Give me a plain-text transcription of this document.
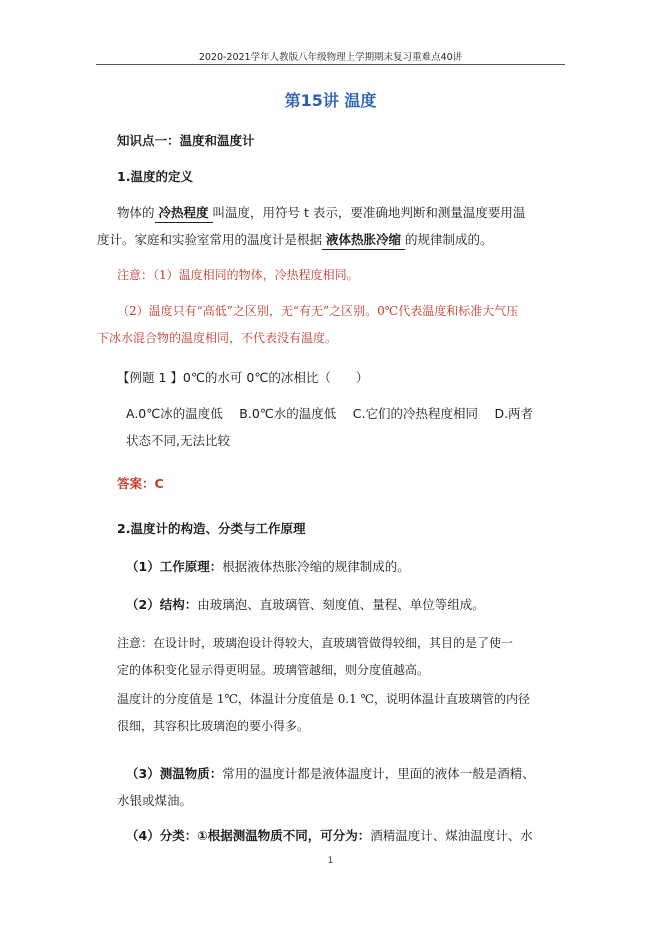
2020-2021学年人教版八年级物理上学期期末复习重难点40讲
第15讲 温度
知识点一：温度和温度计
1.温度的定义
物体的 冷热程度 叫温度，用符号 t 表示，要准确地判断和测量温度要用温
度计。家庭和实验室常用的温度计是根据 液体热胀冷缩 的规律制成的。
注意：（1）温度相同的物体，冷热程度相同。
（2）温度只有“高低”之区别，无“有无”之区别。0℃代表温度和标准大气压
下冰水混合物的温度相同，不代表没有温度。
【例题 1 】0℃的水可 0℃的冰相比（　　）
A.0℃冰的温度低　 B.0℃水的温度低　 C.它们的冷热程度相同　 D.两者
状态不同,无法比较
答案：C
2.温度计的构造、分类与工作原理
（1）工作原理：根据液体热胀冷缩的规律制成的。
（2）结构：由玻璃泡、直玻璃管、刻度值、量程、单位等组成。
注意：在设计时，玻璃泡设计得较大，直玻璃管做得较细，其目的是了使一
定的体积变化显示得更明显。玻璃管越细，则分度值越高。
温度计的分度值是 1℃，体温计分度值是 0.1 ℃，说明体温计直玻璃管的内径
很细，其容积比玻璃泡的要小得多。
（3）测温物质：常用的温度计都是液体温度计，里面的液体一般是酒精、
水银或煤油。
（4）分类：①根据测温物质不同，可分为：酒精温度计、煤油温度计、水
1
